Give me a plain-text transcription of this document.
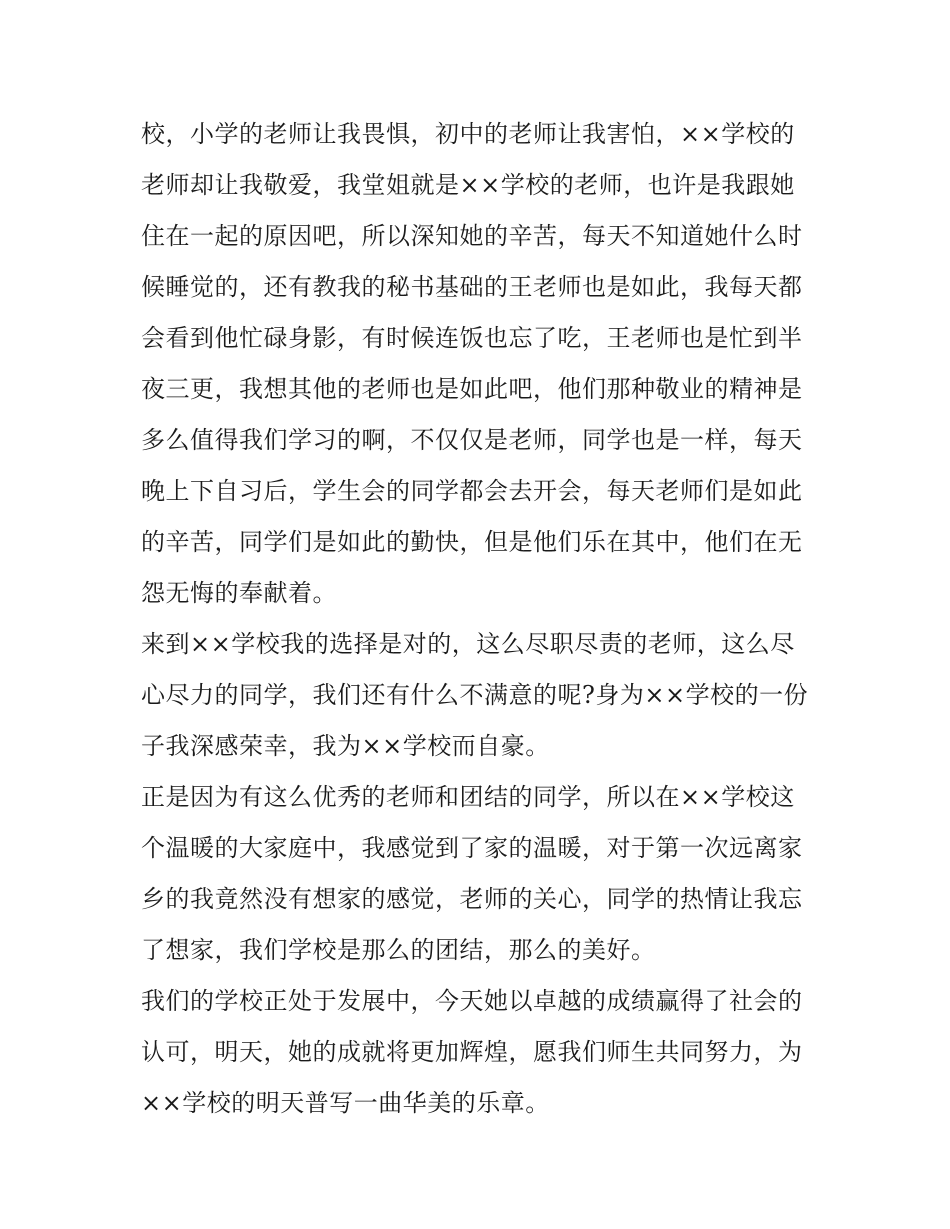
校，小学的老师让我畏惧，初中的老师让我害怕，××学校的
老师却让我敬爱，我堂姐就是××学校的老师，也许是我跟她
住在一起的原因吧，所以深知她的辛苦，每天不知道她什么时
候睡觉的，还有教我的秘书基础的王老师也是如此，我每天都
会看到他忙碌身影，有时候连饭也忘了吃，王老师也是忙到半
夜三更，我想其他的老师也是如此吧，他们那种敬业的精神是
多么值得我们学习的啊，不仅仅是老师，同学也是一样，每天
晚上下自习后，学生会的同学都会去开会，每天老师们是如此
的辛苦，同学们是如此的勤快，但是他们乐在其中，他们在无
怨无悔的奉献着。
来到××学校我的选择是对的，这么尽职尽责的老师，这么尽
心尽力的同学，我们还有什么不满意的呢?身为××学校的一份
子我深感荣幸，我为××学校而自豪。
正是因为有这么优秀的老师和团结的同学，所以在××学校这
个温暖的大家庭中，我感觉到了家的温暖，对于第一次远离家
乡的我竟然没有想家的感觉，老师的关心，同学的热情让我忘
了想家，我们学校是那么的团结，那么的美好。
我们的学校正处于发展中，今天她以卓越的成绩赢得了社会的
认可，明天，她的成就将更加辉煌，愿我们师生共同努力，为
××学校的明天普写一曲华美的乐章。
